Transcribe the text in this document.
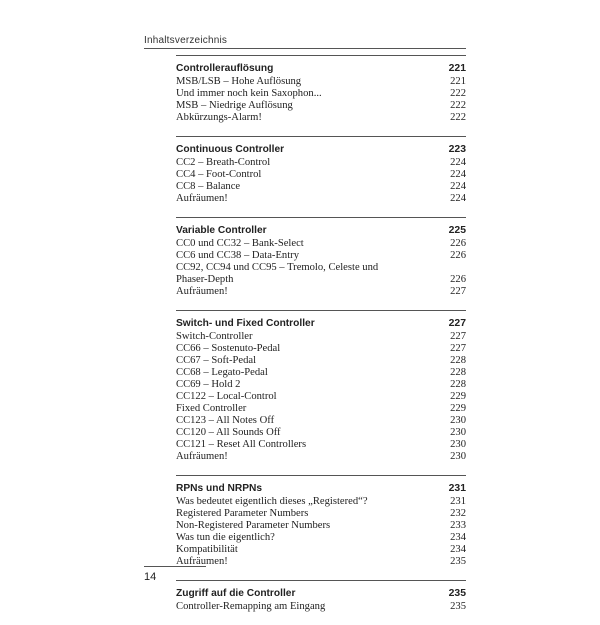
Inhaltsverzeichnis
Controllerauflösung	221
MSB/LSB – Hohe Auflösung	221
Und immer noch kein Saxophon...	222
MSB – Niedrige Auflösung	222
Abkürzungs-Alarm!	222
Continuous Controller	223
CC2 – Breath-Control	224
CC4 – Foot-Control	224
CC8 – Balance	224
Aufräumen!	224
Variable Controller	225
CC0 und CC32 – Bank-Select	226
CC6 und CC38 – Data-Entry	226
CC92, CC94 und CC95 – Tremolo, Celeste und
Phaser-Depth	226
Aufräumen!	227
Switch- und Fixed Controller	227
Switch-Controller	227
CC66 – Sostenuto-Pedal	227
CC67 – Soft-Pedal	228
CC68 – Legato-Pedal	228
CC69 – Hold 2	228
CC122 – Local-Control	229
Fixed Controller	229
CC123 – All Notes Off	230
CC120 – All Sounds Off	230
CC121 – Reset All Controllers	230
Aufräumen!	230
RPNs und NRPNs	231
Was bedeutet eigentlich dieses „Registered“?	231
Registered Parameter Numbers	232
Non-Registered Parameter Numbers	233
Was tun die eigentlich?	234
Kompatibilität	234
Aufräumen!	235
Zugriff auf die Controller	235
Controller-Remapping am Eingang	235
14
